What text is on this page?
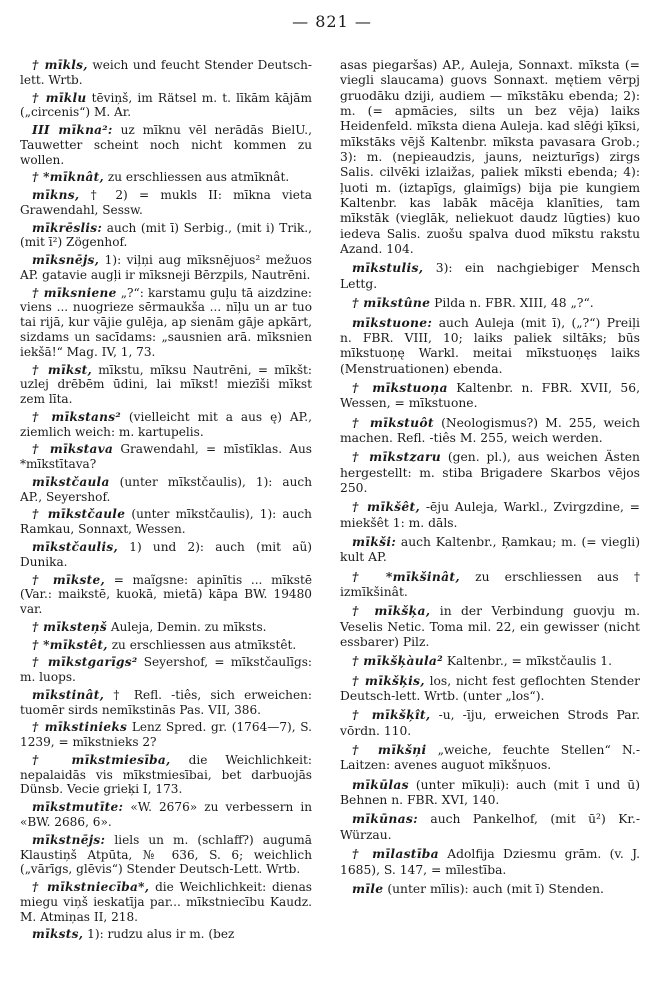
— 821 —

† mīkls, weich und feucht Stender Deutsch-lett. Wrtb.

† mīklu tēviņš, im Rätsel m. t. līkām kājām („circenis“) M. Ar.

III mīkna²: uz mīknu vēl nerādās BielU., Tauwetter scheint noch nicht kommen zu wollen.

† *mīknât, zu erschliessen aus atmīknât.

mīkns, † 2) = mukls II: mīkna vieta Grawendahl, Sessw.

mīkrēslis: auch (mit ī) Serbig., (mit i) Trik., (mit ī²) Zögenhof.

mīksnējs, 1): viļņi aug mīksnējuos² mežuos AP. gatavie augļi ir mīksneji Bērzpils, Nautrēni.

† mīksniene „?“: karstamu guļu tā aizdzine: viens ... nuogrieze sērmaukša ... nīļu un ar tuo tai rijā, kur vājie gulēja, ap sienām gāje apkārt, sizdams un sacīdams: „sausnien arā. mīksnien iekšā!“ Mag. IV, 1, 73.

† mīkst, mīkstu, mīksu Nautrēni, = mīkšt: uzlej drēbēm ūdini, lai mīkst! miezīši mīkst zem līta.

† mīkstans² (vielleicht mit a aus ę) AP., ziemlich weich: m. kartupelis.

† mīkstava Grawendahl, = mīstīklas. Aus *mīkstītava?

mīkstčaula (unter mīkstčaulis), 1): auch AP., Seyershof.

† mīkstčaule (unter mīkstčaulis), 1): auch Ramkau, Sonnaxt, Wessen.

mīkstčaulis, 1) und 2): auch (mit aũ) Dunika.

† mīkste, = maĩgsne: apinītis ... mīkstē (Var.: maikstē, kuokā, mietā) kāpa BW. 19480 var.

† mīksteņš Auleja, Demin. zu mīksts.

† *mīkstêt, zu erschliessen aus atmīkstêt.

† mīkstgarīgs² Seyershof, = mīkstčaulīgs: m. luops.

mīkstinât, † Refl. -tiês, sich erweichen: tuomēr sirds nemīkstinās Pas. VII, 386.

† mīkstinieks Lenz Spred. gr. (1764—7), S. 1239, = mīkstnieks 2?

† mīkstmiesība, die Weichlichkeit: nepalaidās vis mīkstmiesībai, bet darbuojās Dünsb. Vecie grieķi I, 173.

mīkstmutīte: «W. 2676» zu verbessern in «BW. 2686, 6».

mīkstnējs: liels un m. (schlaff?) augumā Klaustiņš Atpūta, № 636, S. 6; weichlich („vārīgs, glēvis“) Stender Deutsch-Lett. Wrtb.

† mīkstniecība*, die Weichlichkeit: dienas miegu viņš ieskatīja par... mīkstniecību Kaudz. M. Atmiņas II, 218.

mīksts, 1): rudzu alus ir m. (bez

asas piegaršas) AP., Auleja, Sonnaxt. mīksta (= viegli slaucama) guovs Sonnaxt. mętiem vērpj gruodāku dziji, audiem — mīkstāku ebenda; 2): m. (= apmācies, silts un bez vēja) laiks Heidenfeld. mīksta diena Auleja. kad slēģi ķīksi, mīkstāks vējš Kaltenbr. mīksta pavasara Grob.; 3): m. (nepieaudzis, jauns, neizturīgs) zirgs Salis. cilvēki izlaižas, paliek mīksti ebenda; 4): ļuoti m. (iztapīgs, glaimīgs) bija pie kungiem Kaltenbr. kas labāk mācēja klanīties, tam mīkstāk (vieglāk, neliekuot daudz lūgties) kuo iedeva Salis. zuošu spalva duod mīkstu rakstu Azand. 104.

mīkstulis, 3): ein nachgiebiger Mensch Lettg.

† mīkstûne Pilda n. FBR. XIII, 48 „?“.

mīkstuone: auch Auleja (mit ī), („?“) Preiļi n. FBR. VIII, 10; laiks paliek siltāks; būs mīkstuoņę Warkl. meitai mīkstuoņęs laiks (Menstruationen) ebenda.

† mīkstuoņa Kaltenbr. n. FBR. XVII, 56, Wessen, = mīkstuone.

† mīkstuôt (Neologismus?) M. 255, weich machen. Refl. -tiês M. 255, weich werden.

† mīkstzaru (gen. pl.), aus weichen Ästen hergestellt: m. stiba Brigadere Skarbos vējos 250.

† mīkšêt, -ēju Auleja, Warkl., Zvirgzdine, = miekšêt 1: m. dāls.

mīkši: auch Kaltenbr., Ŗamkau; m. (= viegli) kult AP.

† *mīkšinât, zu erschliessen aus † izmīkšinât.

† mīkšķa, in der Verbindung guovju m. Veselis Netic. Toma mil. 22, ein gewisser (nicht essbarer) Pilz.

† mīkšķàula² Kaltenbr., = mīkstčaulis 1.

† mīkšķis, los, nicht fest geflochten Stender Deutsch-lett. Wrtb. (unter „los“).

† mīkšķît, -u, -īju, erweichen Strods Par. vōrdn. 110.

† mīkšņi „weiche, feuchte Stellen“ N.-Laitzen: avenes auguot mīkšņuos.

mīkūlas (unter mīkuļi): auch (mit ī und ū) Behnen n. FBR. XVI, 140.

mīkūnas: auch Pankelhof, (mit ū²) Kr.-Würzau.

† mīlastība Adolfija Dziesmu grām. (v. J. 1685), S. 147, = mīlestība.

mīle (unter mīlis): auch (mit ī) Stenden.
